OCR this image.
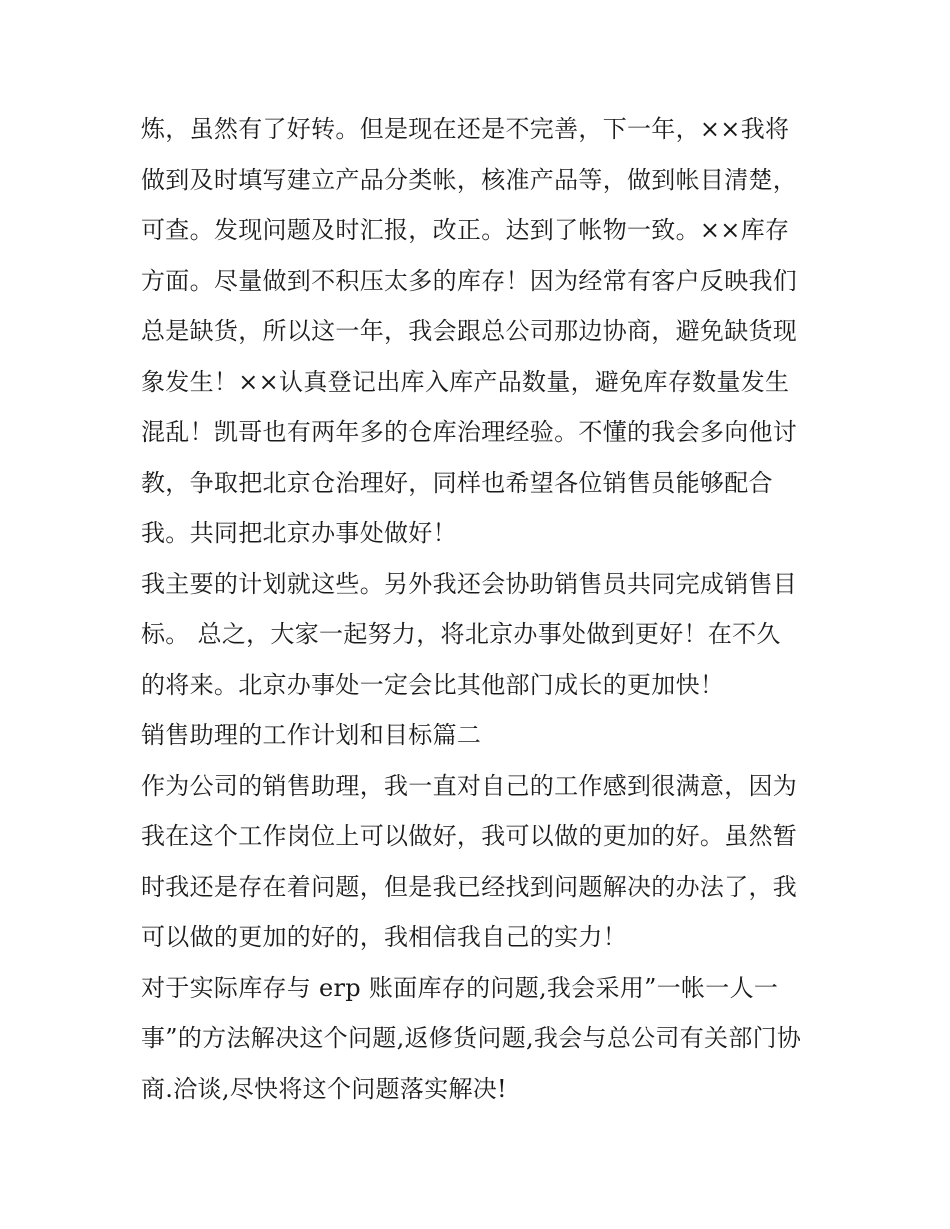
炼，虽然有了好转。但是现在还是不完善，下一年，××我将
做到及时填写建立产品分类帐，核准产品等，做到帐目清楚，
可查。发现问题及时汇报，改正。达到了帐物一致。××库存
方面。尽量做到不积压太多的库存！因为经常有客户反映我们
总是缺货，所以这一年，我会跟总公司那边协商，避免缺货现
象发生！××认真登记出库入库产品数量，避免库存数量发生
混乱！凯哥也有两年多的仓库治理经验。不懂的我会多向他讨
教，争取把北京仓治理好，同样也希望各位销售员能够配合
我。共同把北京办事处做好！
我主要的计划就这些。另外我还会协助销售员共同完成销售目
标。 总之，大家一起努力，将北京办事处做到更好！在不久
的将来。北京办事处一定会比其他部门成长的更加快！
销售助理的工作计划和目标篇二
作为公司的销售助理，我一直对自己的工作感到很满意，因为
我在这个工作岗位上可以做好，我可以做的更加的好。虽然暂
时我还是存在着问题，但是我已经找到问题解决的办法了，我
可以做的更加的好的，我相信我自己的实力！
对于实际库存与 erp 账面库存的问题,我会采用”一帐一人一
事”的方法解决这个问题,返修货问题,我会与总公司有关部门协
商.洽谈,尽快将这个问题落实解决!
